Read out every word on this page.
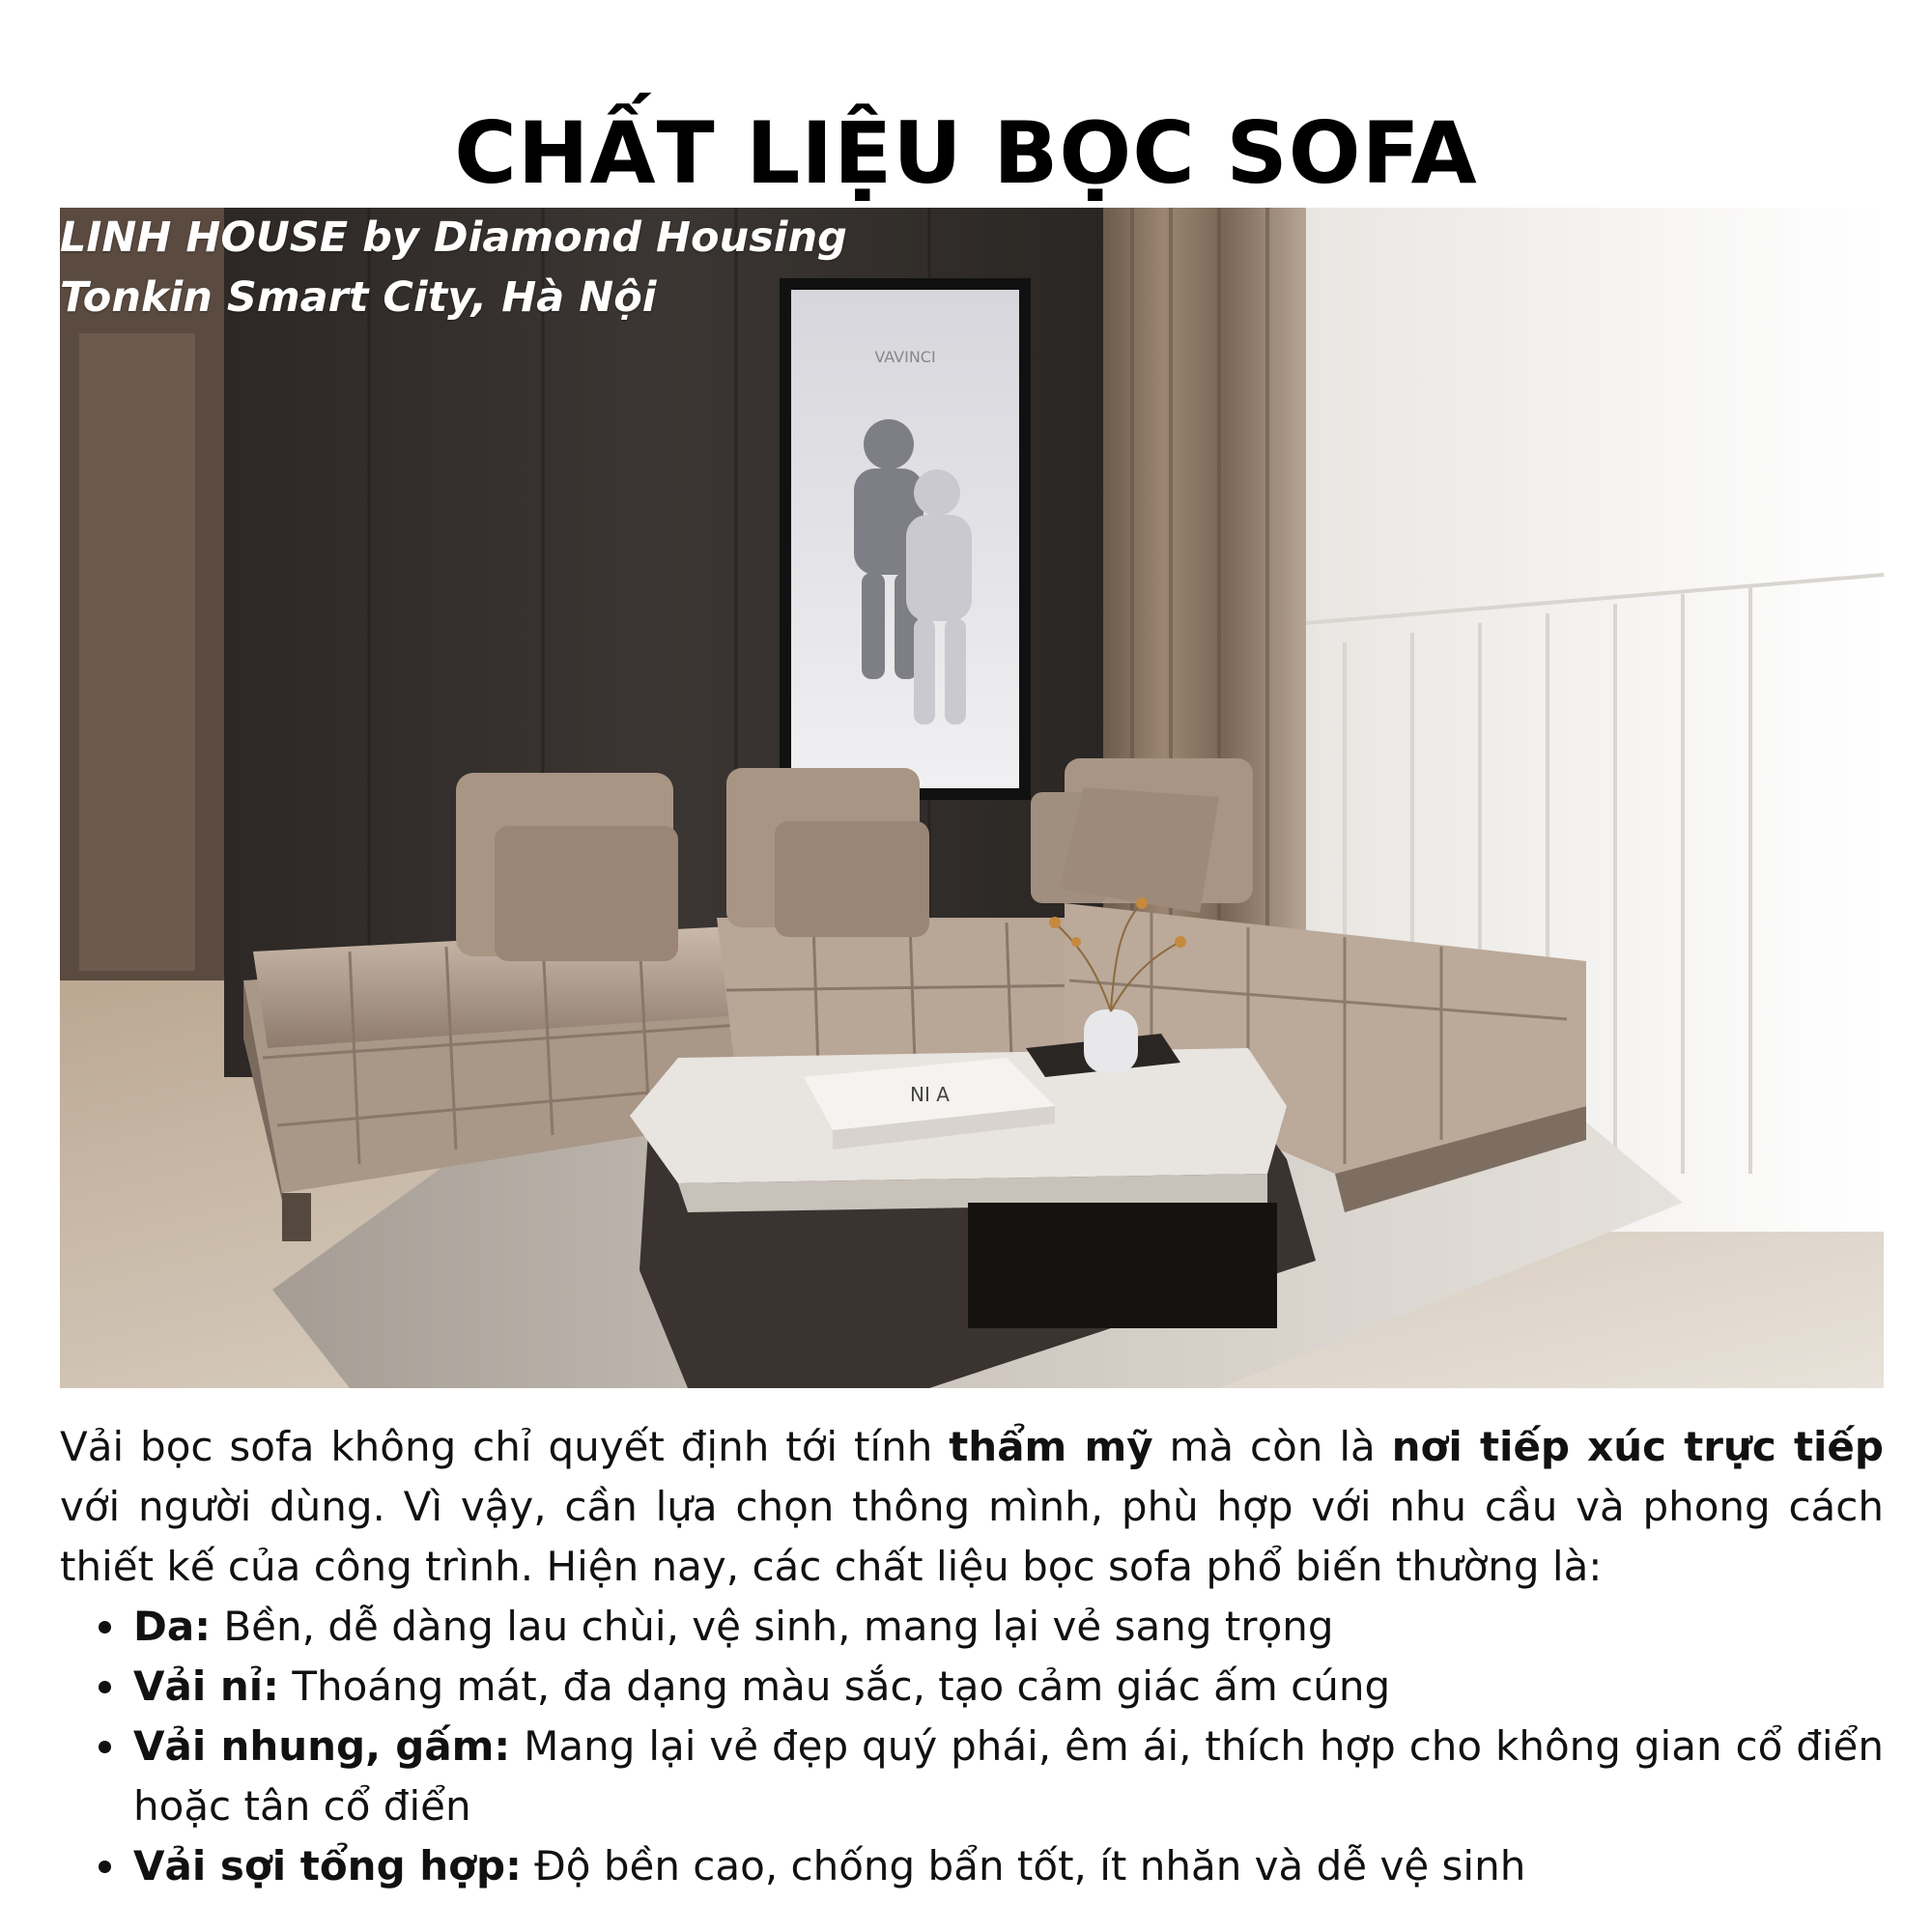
CHẤT LIỆU BỌC SOFA
VAVINCI
NI A
LINH HOUSE by Diamond Housing
Tonkin Smart City, Hà Nội

Vải bọc sofa không chỉ quyết định tới tính thẩm mỹ mà còn là nơi tiếp xúc trực tiếp với người dùng. Vì vậy, cần lựa chọn thông mình, phù hợp với nhu cầu và phong cách thiết kế của công trình. Hiện nay, các chất liệu bọc sofa phổ biến thường là:

Da: Bền, dễ dàng lau chùi, vệ sinh, mang lại vẻ sang trọng
Vải nỉ: Thoáng mát, đa dạng màu sắc, tạo cảm giác ấm cúng
Vải nhung, gấm: Mang lại vẻ đẹp quý phái, êm ái, thích hợp cho không gian cổ điển hoặc tân cổ điển
Vải sợi tổng hợp: Độ bền cao, chống bẩn tốt, ít nhăn và dễ vệ sinh
